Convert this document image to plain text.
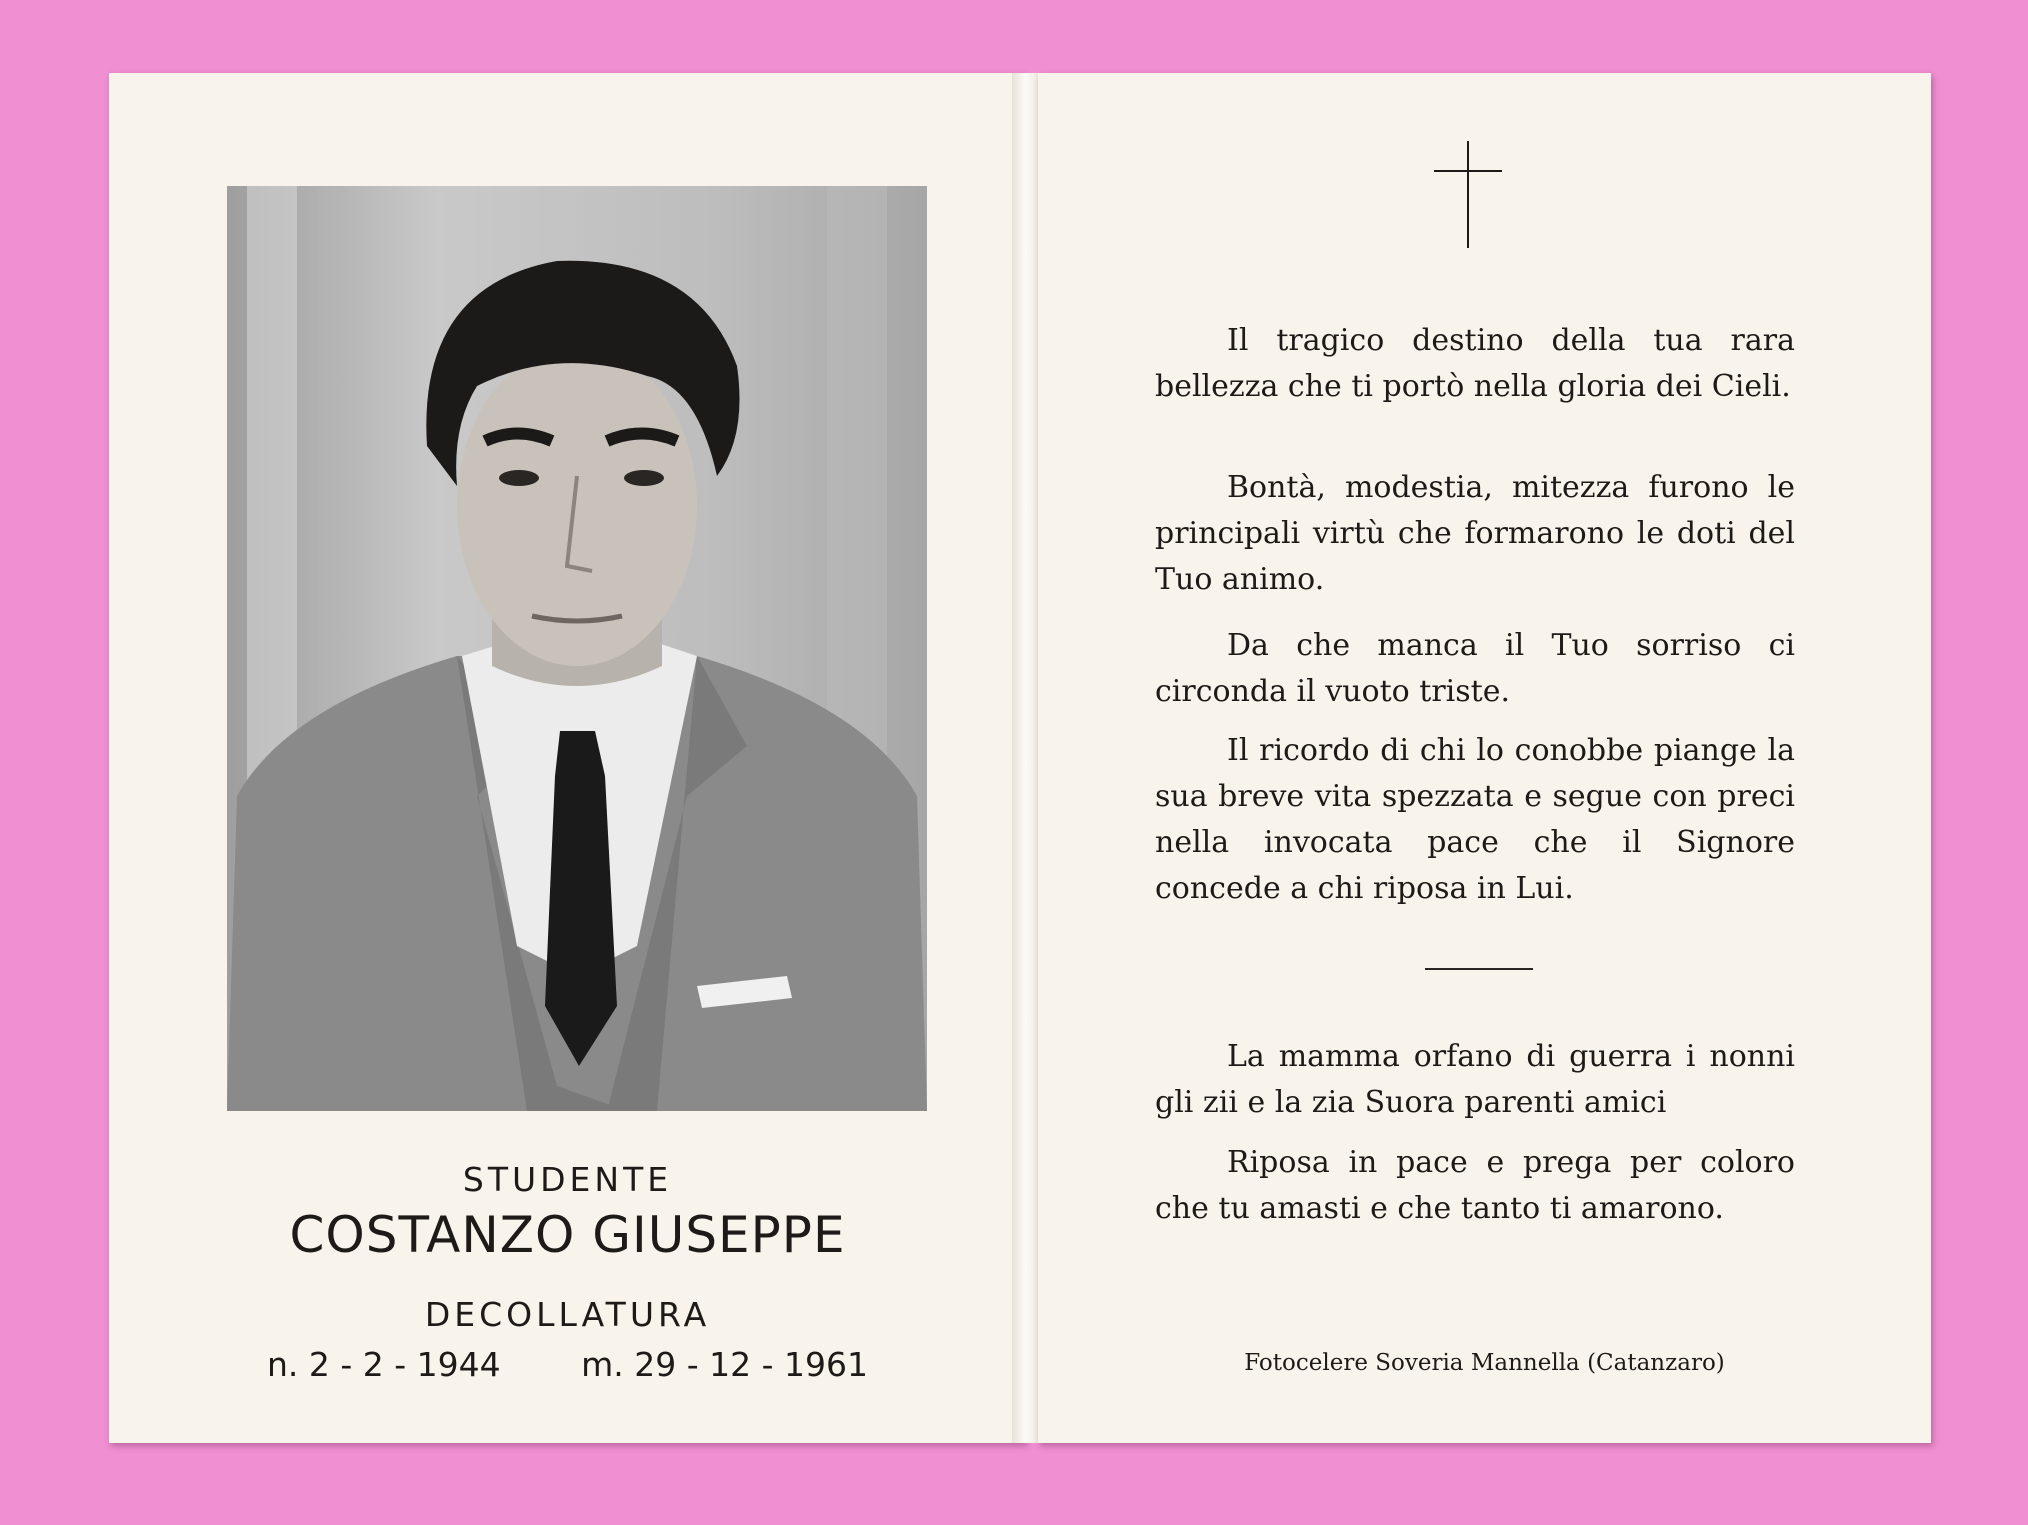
STUDENTE
COSTANZO GIUSEPPE
DECOLLATURA
n. 2 - 2 - 1944 m. 29 - 12 - 1961
Il tragico destino della tua rara bellezza che ti portò nella gloria dei Cieli.
Bontà, modestia, mitezza furono le principali virtù che formarono le doti del Tuo animo.
Da che manca il Tuo sorriso ci circonda il vuoto triste.
Il ricordo di chi lo conobbe piange la sua breve vita spezzata e segue con preci nella invocata pace che il Signore concede a chi riposa in Lui.
La mamma orfano di guerra i nonni gli zii e la zia Suora parenti amici
Riposa in pace e prega per coloro che tu amasti e che tanto ti amarono.
Fotocelere Soveria Mannella (Catanzaro)
